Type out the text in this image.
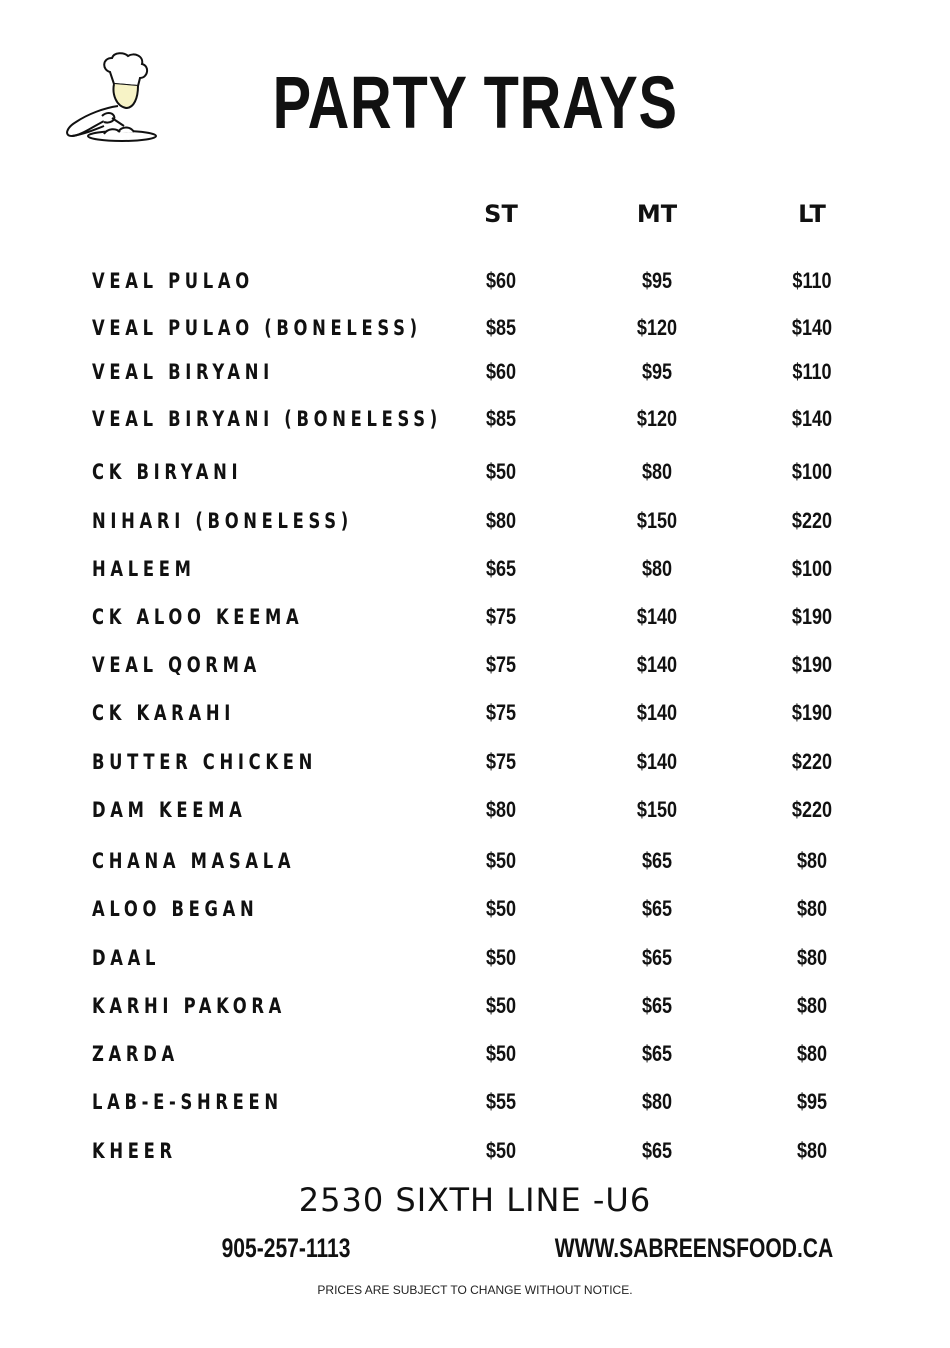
PARTY TRAYS
ST	MT	LT
VEAL PULAO	$60	$95	$110
VEAL PULAO (BONELESS)	$85	$120	$140
VEAL BIRYANI	$60	$95	$110
VEAL BIRYANI (BONELESS)	$85	$120	$140
CK BIRYANI	$50	$80	$100
NIHARI (BONELESS)	$80	$150	$220
HALEEM	$65	$80	$100
CK ALOO KEEMA	$75	$140	$190
VEAL QORMA	$75	$140	$190
CK KARAHI	$75	$140	$190
BUTTER CHICKEN	$75	$140	$220
DAM KEEMA	$80	$150	$220
CHANA MASALA	$50	$65	$80
ALOO BEGAN	$50	$65	$80
DAAL	$50	$65	$80
KARHI PAKORA	$50	$65	$80
ZARDA	$50	$65	$80
LAB-E-SHREEN	$55	$80	$95
KHEER	$50	$65	$80
2530 SIXTH LINE -U6
905-257-1113	WWW.SABREENSFOOD.CA
PRICES ARE SUBJECT TO CHANGE WITHOUT NOTICE.
